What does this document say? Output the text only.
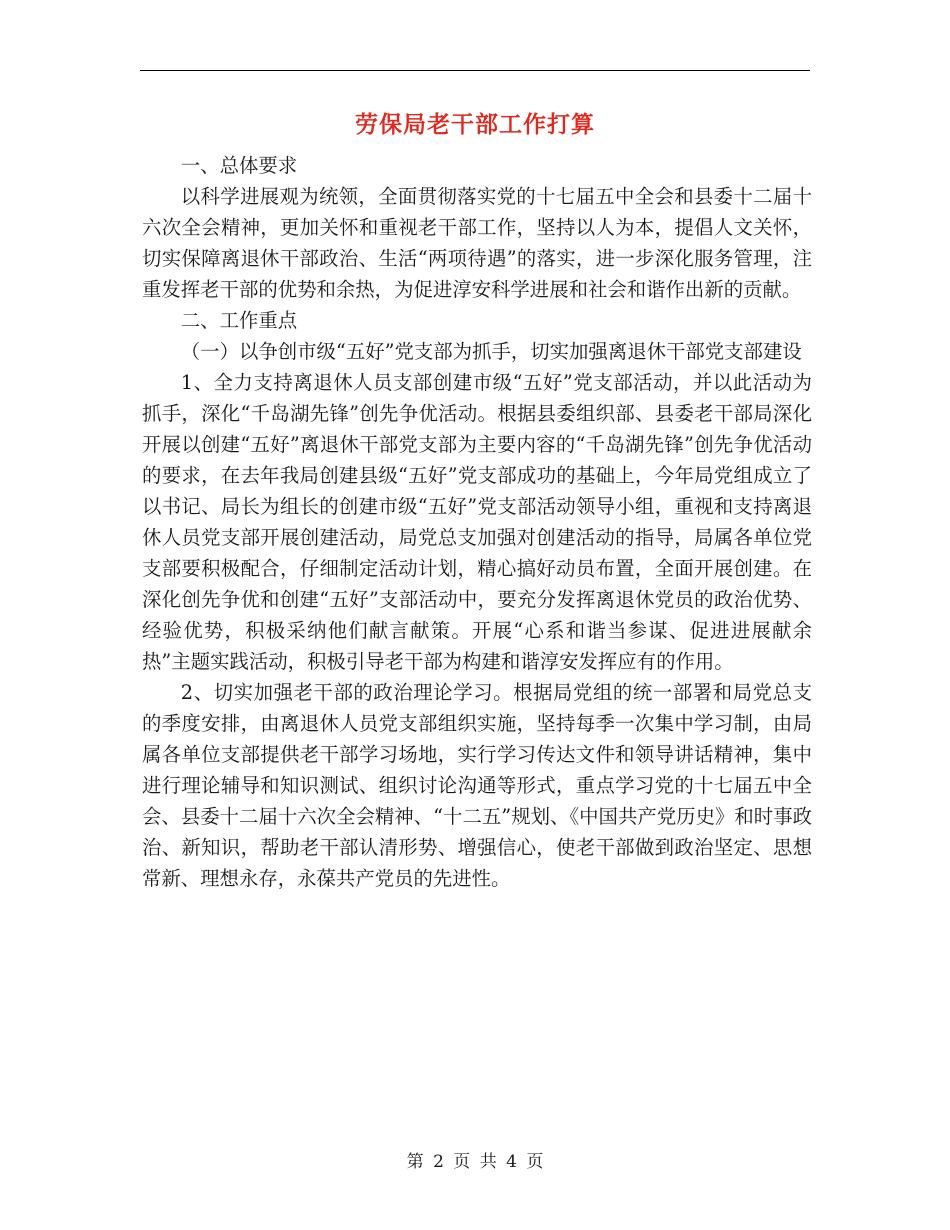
劳保局老干部工作打算

一、总体要求

以科学进展观为统领，全面贯彻落实党的十七届五中全会和县委十二届十六次全会精神，更加关怀和重视老干部工作，坚持以人为本，提倡人文关怀，切实保障离退休干部政治、生活“两项待遇”的落实，进一步深化服务管理，注重发挥老干部的优势和余热，为促进淳安科学进展和社会和谐作出新的贡献。

二、工作重点

（一）以争创市级“五好”党支部为抓手，切实加强离退休干部党支部建设

1、全力支持离退休人员支部创建市级“五好”党支部活动，并以此活动为抓手，深化“千岛湖先锋”创先争优活动。根据县委组织部、县委老干部局深化开展以创建“五好”离退休干部党支部为主要内容的“千岛湖先锋”创先争优活动的要求，在去年我局创建县级“五好”党支部成功的基础上，今年局党组成立了以书记、局长为组长的创建市级“五好”党支部活动领导小组，重视和支持离退休人员党支部开展创建活动，局党总支加强对创建活动的指导，局属各单位党支部要积极配合，仔细制定活动计划，精心搞好动员布置，全面开展创建。在深化创先争优和创建“五好”支部活动中，要充分发挥离退休党员的政治优势、经验优势，积极采纳他们献言献策。开展“心系和谐当参谋、促进进展献余热”主题实践活动，积极引导老干部为构建和谐淳安发挥应有的作用。

2、切实加强老干部的政治理论学习。根据局党组的统一部署和局党总支的季度安排，由离退休人员党支部组织实施，坚持每季一次集中学习制，由局属各单位支部提供老干部学习场地，实行学习传达文件和领导讲话精神，集中进行理论辅导和知识测试、组织讨论沟通等形式，重点学习党的十七届五中全会、县委十二届十六次全会精神、“十二五”规划、《中国共产党历史》和时事政治、新知识，帮助老干部认清形势、增强信心，使老干部做到政治坚定、思想常新、理想永存，永葆共产党员的先进性。

第 2 页 共 4 页
